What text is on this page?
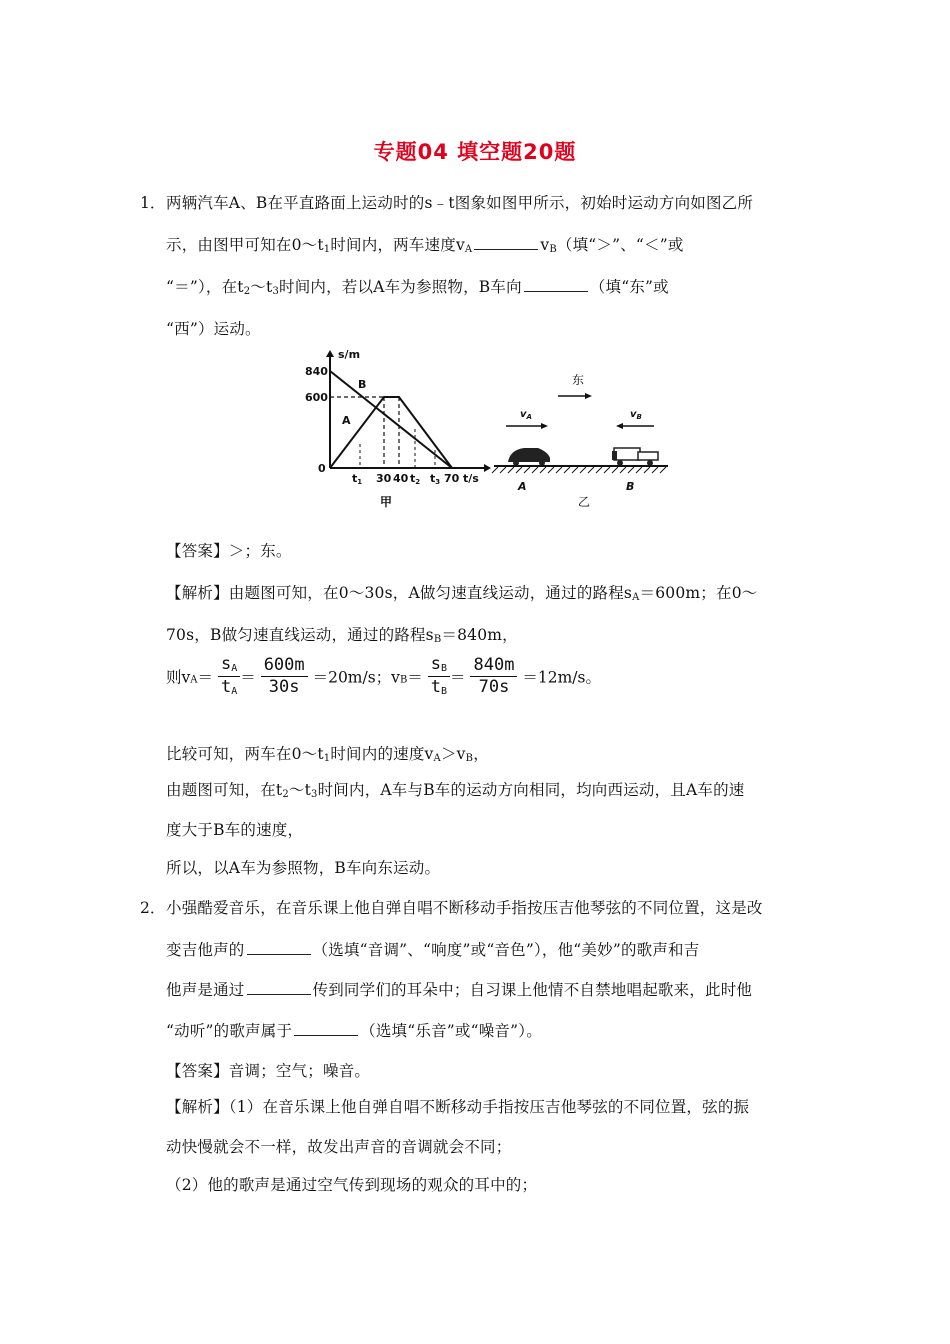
专题04 填空题20题
1． 两辆汽车A、B在平直路面上运动时的s﹣t图象如图甲所示，初始时运动方向如图乙所
示，由图甲可知在$0\sim t_1$时间内，两车速度$v_A$	$v_B$（填“＞”、“＜”或
“＝”），在$t_2\sim t_3$时间内，若以A车为参照物，B车向	（填“东”或
“西”）运动。
s/m
t/s
840
600
0
B
A
t1 30 40 t2 t3 70
甲
东
$v_A$	$v_B$
A	B
乙
【答案】＞；东。
【解析】由题图可知，在0～30s，A做匀速直线运动，通过的路程$s_A=600m$；在0～
70s，B做匀速直线运动，通过的路程$s_B=840m$，
则$v_A= \frac{s_A}{t_A} = \frac{600m}{30s} =20m/s$；$v_B= \frac{s_B}{t_B} = \frac{840m}{70s} =12m/s$。
比较可知，两车在$0\sim t_1$时间内的速度$v_A>v_B$，
由题图可知，在$t_2\sim t_3$时间内，A车与B车的运动方向相同，均向西运动，且A车的速
度大于B车的速度，
所以，以A车为参照物，B车向东运动。
2． 小强酷爱音乐，在音乐课上他自弹自唱不断移动手指按压吉他琴弦的不同位置，这是改
变吉他声的	（选填“音调”、“响度”或“音色”），他“美妙”的歌声和吉
他声是通过	传到同学们的耳朵中；自习课上他情不自禁地唱起歌来，此时他
“动听”的歌声属于	（选填“乐音”或“噪音”）。
【答案】音调；空气；噪音。
【解析】（1）在音乐课上他自弹自唱不断移动手指按压吉他琴弦的不同位置，弦的振
动快慢就会不一样，故发出声音的音调就会不同；
（2）他的歌声是通过空气传到现场的观众的耳中的；
